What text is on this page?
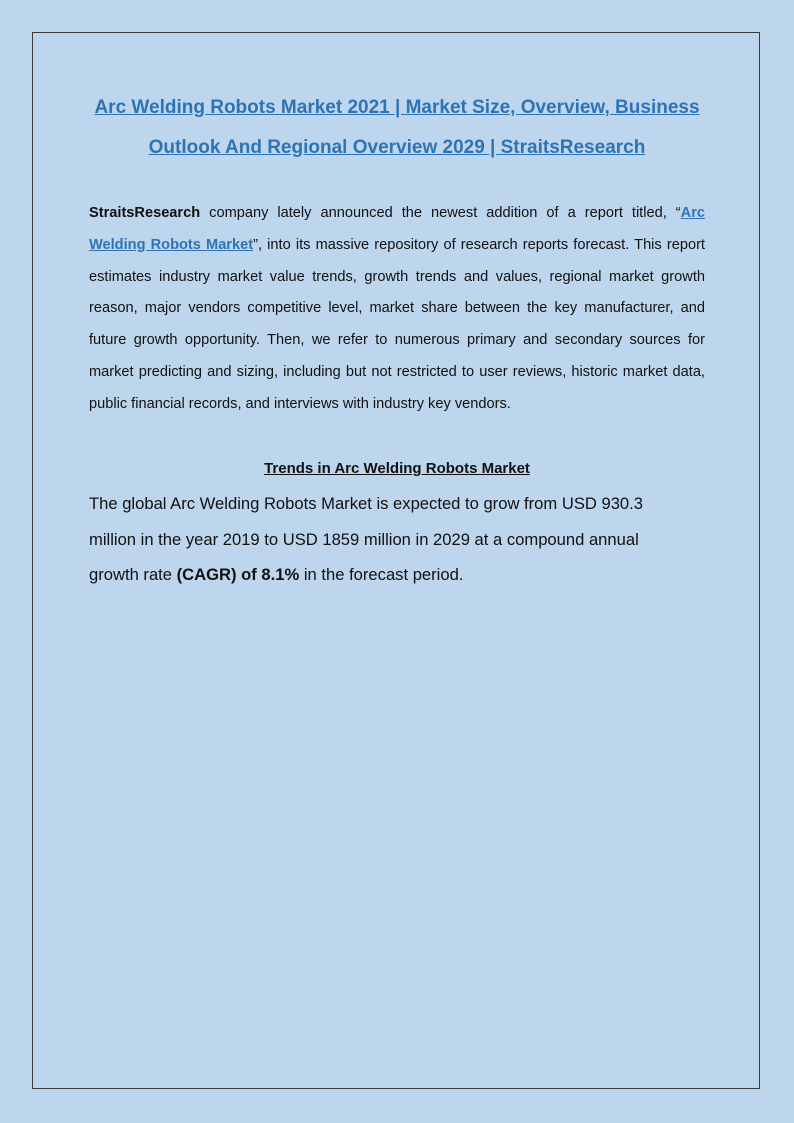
Arc Welding Robots Market 2021 | Market Size, Overview, Business Outlook And Regional Overview 2029 | StraitsResearch

StraitsResearch company lately announced the newest addition of a report titled, “Arc Welding Robots Market”, into its massive repository of research reports forecast. This report estimates industry market value trends, growth trends and values, regional market growth reason, major vendors competitive level, market share between the key manufacturer, and future growth opportunity. Then, we refer to numerous primary and secondary sources for market predicting and sizing, including but not restricted to user reviews, historic market data, public financial records, and interviews with industry key vendors.

Trends in Arc Welding Robots Market

The global Arc Welding Robots Market is expected to grow from USD 930.3 million in the year 2019 to USD 1859 million in 2029 at a compound annual growth rate (CAGR) of 8.1% in the forecast period.
